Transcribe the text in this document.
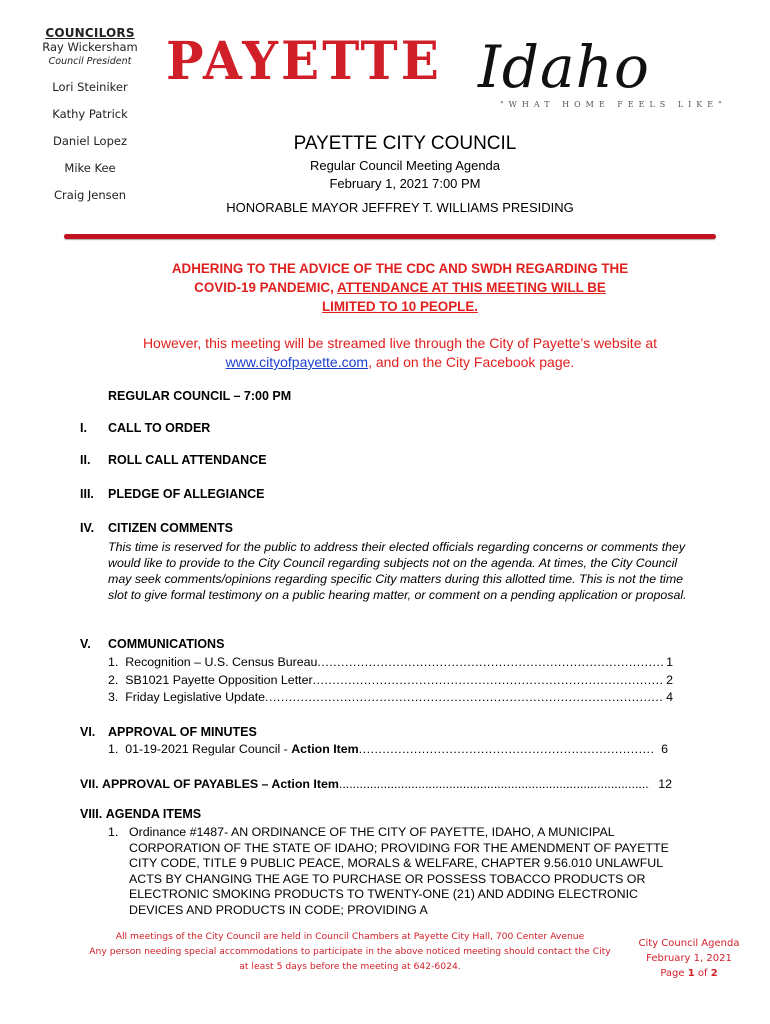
COUNCILORS
Ray Wickersham
Council President
Lori Steiniker
Kathy Patrick
Daniel Lopez
Mike Kee
Craig Jensen
PAYETTE Idaho
"WHAT HOME FEELS LIKE"
PAYETTE CITY COUNCIL
Regular Council Meeting Agenda
February 1, 2021 7:00 PM
HONORABLE MAYOR JEFFREY T. WILLIAMS PRESIDING
ADHERING TO THE ADVICE OF THE CDC AND SWDH REGARDING THE
COVID-19 PANDEMIC, ATTENDANCE AT THIS MEETING WILL BE
LIMITED TO 10 PEOPLE.
However, this meeting will be streamed live through the City of Payette’s website at www.cityofpayette.com, and on the City Facebook page.
REGULAR COUNCIL – 7:00 PM
I. CALL TO ORDER
II. ROLL CALL ATTENDANCE
III. PLEDGE OF ALLEGIANCE
IV. CITIZEN COMMENTS
This time is reserved for the public to address their elected officials regarding concerns or comments they would like to provide to the City Council regarding subjects not on the agenda. At times, the City Council may seek comments/opinions regarding specific City matters during this allotted time. This is not the time slot to give formal testimony on a public hearing matter, or comment on a pending application or proposal.
V. COMMUNICATIONS
1. Recognition – U.S. Census Bureau .....	1
2. SB1021 Payette Opposition Letter .....	2
3. Friday Legislative Update .....	4
VI. APPROVAL OF MINUTES
1. 01-19-2021 Regular Council - Action Item .....	6
VII.
APPROVAL OF PAYABLES – Action Item .....	12
VIII. AGENDA ITEMS
1. Ordinance #1487- AN ORDINANCE OF THE CITY OF PAYETTE, IDAHO, A MUNICIPAL CORPORATION OF THE STATE OF IDAHO; PROVIDING FOR THE AMENDMENT OF PAYETTE CITY CODE, TITLE 9 PUBLIC PEACE, MORALS & WELFARE, CHAPTER 9.56.010 UNLAWFUL ACTS BY CHANGING THE AGE TO PURCHASE OR POSSESS TOBACCO PRODUCTS OR ELECTRONIC SMOKING PRODUCTS TO TWENTY-ONE (21) AND ADDING ELECTRONIC DEVICES AND PRODUCTS IN CODE; PROVIDING A
All meetings of the City Council are held in Council Chambers at Payette City Hall, 700 Center Avenue
Any person needing special accommodations to participate in the above noticed meeting should contact the City
at least 5 days before the meeting at 642-6024.
City Council Agenda
February 1, 2021
Page 1 of 2
